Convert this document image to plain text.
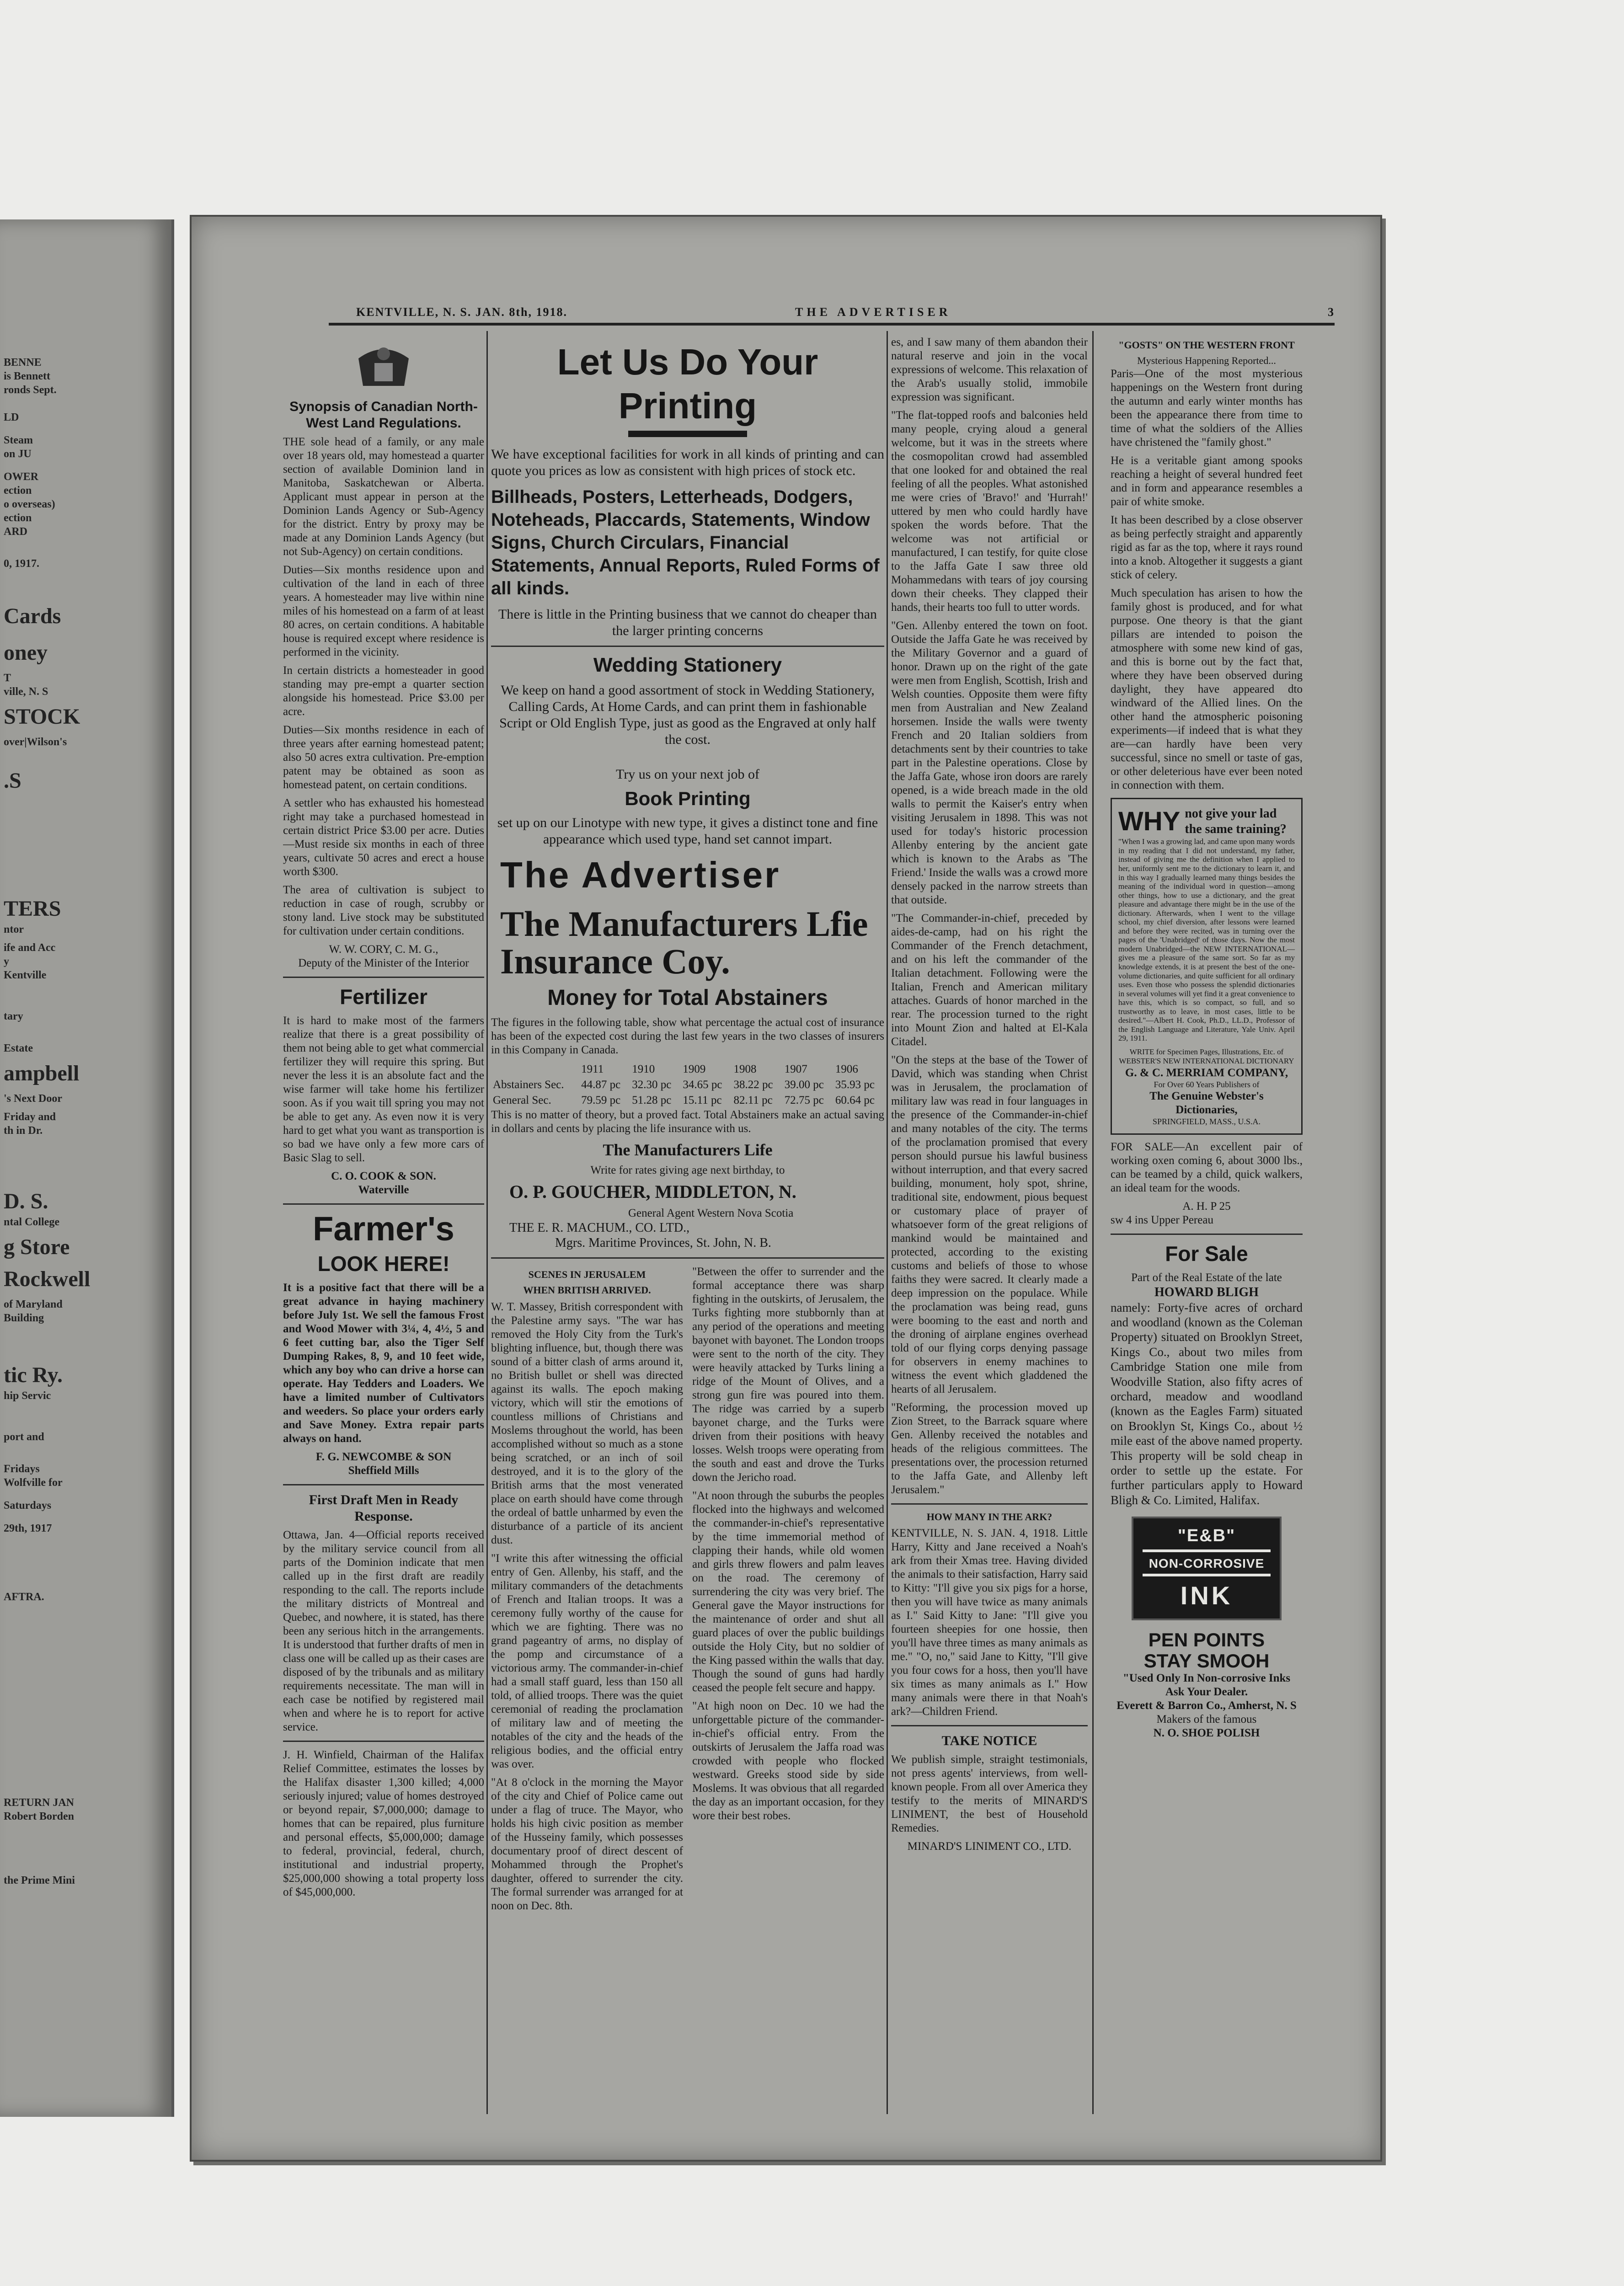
BENNE
is Bennett
ronds Sept.
LD
Steam
on JU
OWER
ection
o overseas)
ection
ARD
0, 1917.
Cards
oney
T
ville, N. S
STOCK
over|Wilson's
.S
TERS
ntor
ife and Acc
y
Kentville
tary
Estate
ampbell
's Next Door
Friday and
th in Dr.
D. S.
ntal College
g Store
Rockwell
of Maryland
Building
tic Ry.
hip Servic
port and
Fridays
Wolfville for
Saturdays
29th, 1917
AFTRA.
RETURN JAN
Robert Borden
the Prime Mini
KENTVILLE, N. S. JAN. 8th, 1918.	THE ADVERTISER	3
Synopsis of Canadian North-West Land Regulations.

THE sole head of a family, or any male over 18 years old, may homestead a quarter section of available Dominion land in Manitoba, Saskatchewan or Alberta. Applicant must appear in person at the Dominion Lands Agency or Sub-Agency for the district. Entry by proxy may be made at any Dominion Lands Agency (but not Sub-Agency) on certain conditions.

Duties—Six months residence upon and cultivation of the land in each of three years. A homesteader may live within nine miles of his homestead on a farm of at least 80 acres, on certain conditions. A habitable house is required except where residence is performed in the vicinity.

In certain districts a homesteader in good standing may pre-empt a quarter section alongside his homestead. Price $3.00 per acre.

Duties—Six months residence in each of three years after earning homestead patent; also 50 acres extra cultivation. Pre-emption patent may be obtained as soon as homestead patent, on certain conditions.

A settler who has exhausted his homestead right may take a purchased homestead in certain district Price $3.00 per acre. Duties—Must reside six months in each of three years, cultivate 50 acres and erect a house worth $300.

The area of cultivation is subject to reduction in case of rough, scrubby or stony land. Live stock may be substituted for cultivation under certain conditions.

W. W. CORY, C. M. G.,
Deputy of the Minister of the Interior
Fertilizer

It is hard to make most of the farmers realize that there is a great possibility of them not being able to get what commercial fertilizer they will require this spring. But never the less it is an absolute fact and the wise farmer will take home his fertilizer soon. As if you wait till spring you may not be able to get any. As even now it is very hard to get what you want as transportion is so bad we have only a few more cars of Basic Slag to sell.

C. O. COOK & SON.
Waterville
Farmer's
LOOK HERE!

It is a positive fact that there will be a great advance in haying machinery before July 1st. We sell the famous Frost and Wood Mower with 3¼, 4, 4½, 5 and 6 feet cutting bar, also the Tiger Self Dumping Rakes, 8, 9, and 10 feet wide, which any boy who can drive a horse can operate. Hay Tedders and Loaders. We have a limited number of Cultivators and weeders. So place your orders early and Save Money. Extra repair parts always on hand.

F. G. NEWCOMBE & SON
Sheffield Mills
First Draft Men in Ready Response.

Ottawa, Jan. 4—Official reports received by the military service council from all parts of the Dominion indicate that men called up in the first draft are readily responding to the call. The reports include the military districts of Montreal and Quebec, and nowhere, it is stated, has there been any serious hitch in the arrangements. It is understood that further drafts of men in class one will be called up as their cases are disposed of by the tribunals and as military requirements necessitate. The man will in each case be notified by registered mail when and where he is to report for active service.

J. H. Winfield, Chairman of the Halifax Relief Committee, estimates the losses by the Halifax disaster 1,300 killed; 4,000 seriously injured; value of homes destroyed or beyond repair, $7,000,000; damage to homes that can be repaired, plus furniture and personal effects, $5,000,000; damage to federal, provincial, federal, church, institutional and industrial property, $25,000,000 showing a total property loss of $45,000,000.

Let Us Do Your Printing

We have exceptional facilities for work in all kinds of printing and can quote you prices as low as consistent with high prices of stock etc.

Billheads, Posters, Letterheads, Dodgers, Noteheads, Placcards, Statements, Window Signs, Church Circulars, Financial Statements, Annual Reports, Ruled Forms of all kinds.

There is little in the Printing business that we cannot do cheaper than the larger printing concerns

Wedding Stationery

We keep on hand a good assortment of stock in Wedding Stationery, Calling Cards, At Home Cards, and can print them in fashionable Script or Old English Type, just as good as the Engraved at only half the cost.

Try us on your next job of
Book Printing

set up on our Linotype with new type, it gives a distinct tone and fine appearance which used type, hand set cannot impart.

The Advertiser
The Manufacturers Lfie Insurance Coy.
Money for Total Abstainers

The figures in the following table, show what percentage the actual cost of insurance has been of the expected cost during the last few years in the two classes of insurers in this Company in Canada.

	1911	1910	1909	1908	1907	1906
Abstainers Sec.	44.87 pc	32.30 pc	34.65 pc	38.22 pc	39.00 pc	35.93 pc
General Sec.	79.59 pc	51.28 pc	15.11 pc	82.11 pc	72.75 pc	60.64 pc

This is no matter of theory, but a proved fact. Total Abstainers make an actual saving in dollars and cents by placing the life insurance with us.

The Manufacturers Life
Write for rates giving age next birthday, to
O. P. GOUCHER, MIDDLETON, N.
General Agent Western Nova Scotia
THE E. R. MACHUM., CO. LTD.,
Mgrs. Maritime Provinces, St. John, N. B.
SCENES IN JERUSALEM
WHEN BRITISH ARRIVED.

W. T. Massey, British correspondent with the Palestine army says. "The war has removed the Holy City from the Turk's blighting influence, but, though there was sound of a bitter clash of arms around it, no British bullet or shell was directed against its walls. The epoch making victory, which will stir the emotions of countless millions of Christians and Moslems throughout the world, has been accomplished without so much as a stone being scratched, or an inch of soil destroyed, and it is to the glory of the British arms that the most venerated place on earth should have come through the ordeal of battle unharmed by even the disturbance of a particle of its ancient dust.

"I write this after witnessing the official entry of Gen. Allenby, his staff, and the military commanders of the detachments of French and Italian troops. It was a ceremony fully worthy of the cause for which we are fighting. There was no grand pageantry of arms, no display of the pomp and circumstance of a victorious army. The commander-in-chief had a small staff guard, less than 150 all told, of allied troops. There was the quiet ceremonial of reading the proclamation of military law and of meeting the notables of the city and the heads of the religious bodies, and the official entry was over.

"At 8 o'clock in the morning the Mayor of the city and Chief of Police came out under a flag of truce. The Mayor, who holds his high civic position as member of the Husseiny family, which possesses documentary proof of direct descent of Mohammed through the Prophet's daughter, offered to surrender the city. The formal surrender was arranged for at noon on Dec. 8th.

"Between the offer to surrender and the formal acceptance there was sharp fighting in the outskirts, of Jerusalem, the Turks fighting more stubbornly than at any period of the operations and meeting bayonet with bayonet. The London troops were sent to the north of the city. They were heavily attacked by Turks lining a ridge of the Mount of Olives, and a strong gun fire was poured into them. The ridge was carried by a superb bayonet charge, and the Turks were driven from their positions with heavy losses. Welsh troops were operating from the south and east and drove the Turks down the Jericho road.

"At noon through the suburbs the peoples flocked into the highways and welcomed the commander-in-chief's representative by the time immemorial method of clapping their hands, while old women and girls threw flowers and palm leaves on the road. The ceremony of surrendering the city was very brief. The General gave the Mayor instructions for the maintenance of order and shut all guard places of over the public buildings outside the Holy City, but no soldier of the King passed within the walls that day. Though the sound of guns had hardly ceased the people felt secure and happy.

"At high noon on Dec. 10 we had the unforgettable picture of the commander-in-chief's official entry. From the outskirts of Jerusalem the Jaffa road was crowded with people who flocked westward. Greeks stood side by side Moslems. It was obvious that all regarded the day as an important occasion, for they wore their best robes.

es, and I saw many of them abandon their natural reserve and join in the vocal expressions of welcome. This relaxation of the Arab's usually stolid, immobile expression was significant.

"The flat-topped roofs and balconies held many people, crying aloud a general welcome, but it was in the streets where the cosmopolitan crowd had assembled that one looked for and obtained the real feeling of all the peoples. What astonished me were cries of 'Bravo!' and 'Hurrah!' uttered by men who could hardly have spoken the words before. That the welcome was not artificial or manufactured, I can testify, for quite close to the Jaffa Gate I saw three old Mohammedans with tears of joy coursing down their cheeks. They clapped their hands, their hearts too full to utter words.

"Gen. Allenby entered the town on foot. Outside the Jaffa Gate he was received by the Military Governor and a guard of honor. Drawn up on the right of the gate were men from English, Scottish, Irish and Welsh counties. Opposite them were fifty men from Australian and New Zealand horsemen. Inside the walls were twenty French and 20 Italian soldiers from detachments sent by their countries to take part in the Palestine operations. Close by the Jaffa Gate, whose iron doors are rarely opened, is a wide breach made in the old walls to permit the Kaiser's entry when visiting Jerusalem in 1898. This was not used for today's historic procession Allenby entering by the ancient gate which is known to the Arabs as 'The Friend.' Inside the walls was a crowd more densely packed in the narrow streets than that outside.

"The Commander-in-chief, preceded by aides-de-camp, had on his right the Commander of the French detachment, and on his left the commander of the Italian detachment. Following were the Italian, French and American military attaches. Guards of honor marched in the rear. The procession turned to the right into Mount Zion and halted at El-Kala Citadel.

"On the steps at the base of the Tower of David, which was standing when Christ was in Jerusalem, the proclamation of military law was read in four languages in the presence of the Commander-in-chief and many notables of the city. The terms of the proclamation promised that every person should pursue his lawful business without interruption, and that every sacred building, monument, holy spot, shrine, traditional site, endowment, pious bequest or customary place of prayer of whatsoever form of the great religions of mankind would be maintained and protected, according to the existing customs and beliefs of those to whose faiths they were sacred. It clearly made a deep impression on the populace. While the proclamation was being read, guns were booming to the east and north and the droning of airplane engines overhead told of our flying corps denying passage for observers in enemy machines to witness the event which gladdened the hearts of all Jerusalem.

"Reforming, the procession moved up Zion Street, to the Barrack square where Gen. Allenby received the notables and heads of the religious committees. The presentations over, the procession returned to the Jaffa Gate, and Allenby left Jerusalem."

HOW MANY IN THE ARK?

KENTVILLE, N. S. JAN. 4, 1918. Little Harry, Kitty and Jane received a Noah's ark from their Xmas tree. Having divided the animals to their satisfaction, Harry said to Kitty: "I'll give you six pigs for a horse, then you will have twice as many animals as I." Said Kitty to Jane: "I'll give you fourteen sheepies for one hossie, then you'll have three times as many animals as me." "O, no," said Jane to Kitty, "I'll give you four cows for a hoss, then you'll have six times as many animals as I." How many animals were there in that Noah's ark?—Children Friend.

TAKE NOTICE

We publish simple, straight testimonials, not press agents' interviews, from well-known people. From all over America they testify to the merits of MINARD'S LINIMENT, the best of Household Remedies.

MINARD'S LINIMENT CO., LTD.
"GOSTS" ON THE WESTERN FRONT
Mysterious Happening Reported...

Paris—One of the most mysterious happenings on the Western front during the autumn and early winter months has been the appearance there from time to time of what the soldiers of the Allies have christened the "family ghost."

He is a veritable giant among spooks reaching a height of several hundred feet and in form and appearance resembles a pair of white smoke.

It has been described by a close observer as being perfectly straight and apparently rigid as far as the top, where it rays round into a knob. Altogether it suggests a giant stick of celery.

Much speculation has arisen to how the family ghost is produced, and for what purpose. One theory is that the giant pillars are intended to poison the atmosphere with some new kind of gas, and this is borne out by the fact that, where they have been observed during daylight, they have appeared dto windward of the Allied lines. On the other hand the atmospheric poisoning experiments—if indeed that is what they are—can hardly have been very successful, since no smell or taste of gas, or other deleterious have ever been noted in connection with them.

WHY not give your lad the same training?

"When I was a growing lad, and came upon many words in my reading that I did not understand, my father, instead of giving me the definition when I applied to her, uniformly sent me to the dictionary to learn it, and in this way I gradually learned many things besides the meaning of the individual word in question—among other things, how to use a dictionary, and the great pleasure and advantage there might be in the use of the dictionary. Afterwards, when I went to the village school, my chief diversion, after lessons were learned and before they were recited, was in turning over the pages of the 'Unabridged' of those days. Now the most modern Unabridged—the NEW INTERNATIONAL—gives me a pleasure of the same sort. So far as my knowledge extends, it is at present the best of the one-volume dictionaries, and quite sufficient for all ordinary uses. Even those who possess the splendid dictionaries in several volumes will yet find it a great convenience to have this, which is so compact, so full, and so trustworthy as to leave, in most cases, little to be desired."—Albert H. Cook, Ph.D., LL.D., Professor of the English Language and Literature, Yale Univ. April 29, 1911.

WRITE for Specimen Pages, Illustrations, Etc. of WEBSTER'S NEW INTERNATIONAL DICTIONARY
G. & C. MERRIAM COMPANY,
For Over 60 Years Publishers of
The Genuine Webster's Dictionaries,
SPRINGFIELD, MASS., U.S.A.

FOR SALE—An excellent pair of working oxen coming 6, about 3000 lbs., can be teamed by a child, quick walkers, an ideal team for the woods.

A. H. P 25
sw 4 ins Upper Pereau
For Sale
Part of the Real Estate of the late
HOWARD BLIGH

namely: Forty-five acres of orchard and woodland (known as the Coleman Property) situated on Brooklyn Street, Kings Co., about two miles from Cambridge Station one mile from Woodville Station, also fifty acres of orchard, meadow and woodland (known as the Eagles Farm) situated on Brooklyn St, Kings Co., about ½ mile east of the above named property. This property will be sold cheap in order to settle up the estate. For further particulars apply to Howard Bligh & Co. Limited, Halifax.

"E&B"
NON-CORROSIVE
INK
PEN POINTS
STAY SMOOH
"Used Only In Non-corrosive Inks
Ask Your Dealer.
Everett & Barron Co., Amherst, N. S
Makers of the famous
N. O. SHOE POLISH
